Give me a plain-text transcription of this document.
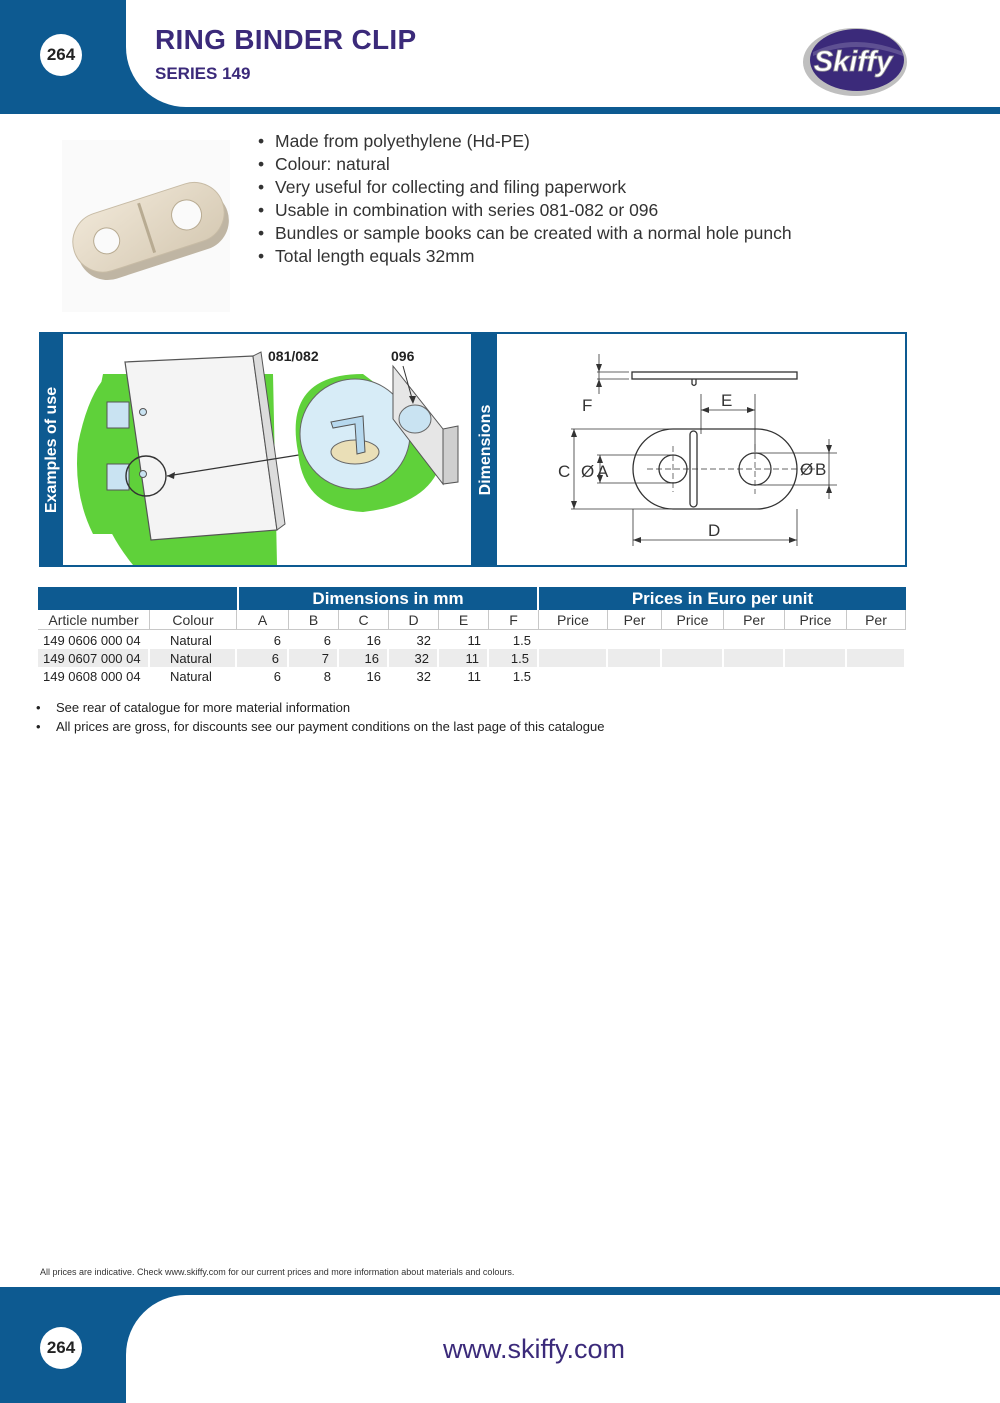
264	RING BINDER CLIP
SERIES 149	Skiffy
• Made from polyethylene (Hd-PE)
• Colour: natural
• Very useful for collecting and filing paperwork
• Usable in combination with series 081-082 or 096
• Bundles or sample books can be created with a normal hole punch
• Total length equals 32mm
Examples of use
081/082	096
Dimensions	F	E
C Ø A	Ø B
D
Dimensions in mm	Prices in Euro per unit
Article number	Colour	A	B	C	D	E	F	Price	Per	Price	Per	Price	Per
149 0606 000 04	Natural	6	6	16	32	11	1.5
149 0607 000 04	Natural	6	7	16	32	11	1.5
149 0608 000 04	Natural	6	8	16	32	11	1.5
• See rear of catalogue for more material information
• All prices are gross, for discounts see our payment conditions on the last page of this catalogue
All prices are indicative. Check www.skiffy.com for our current prices and more information about materials and colours.
264	www.skiffy.com
